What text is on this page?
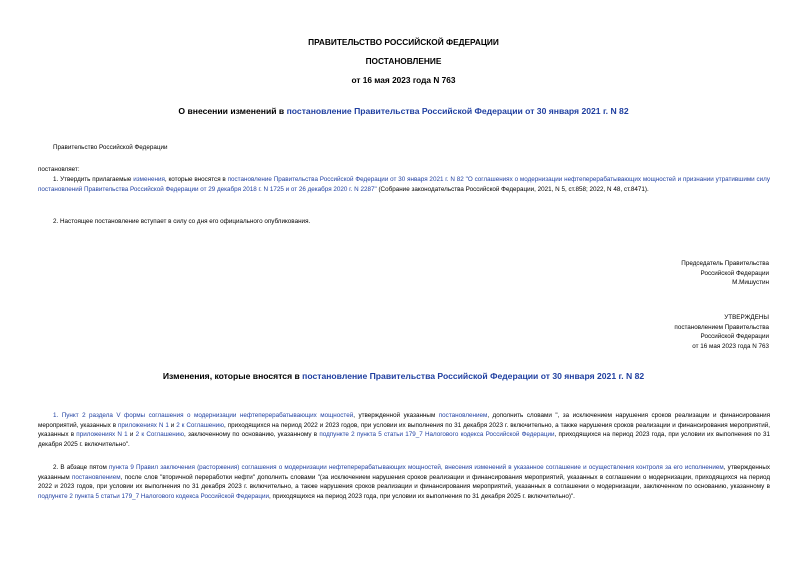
ПРАВИТЕЛЬСТВО РОССИЙСКОЙ ФЕДЕРАЦИИ
ПОСТАНОВЛЕНИЕ
от 16 мая 2023 года N 763
О внесении изменений в постановление Правительства Российской Федерации от 30 января 2021 г. N 82
Правительство Российской Федерации
постановляет:
1. Утвердить прилагаемые изменения, которые вносятся в постановление Правительства Российской Федерации от 30 января 2021 г. N 82 "О соглашениях о модернизации нефтеперерабатывающих мощностей и признании утратившими силу постановлений Правительства Российской Федерации от 29 декабря 2018 г. N 1725 и от 26 декабря 2020 г. N 2287" (Собрание законодательства Российской Федерации, 2021, N 5, ст.858; 2022, N 48, ст.8471).
2. Настоящее постановление вступает в силу со дня его официального опубликования.
Председатель Правительства
Российской Федерации
М.Мишустин
УТВЕРЖДЕНЫ
постановлением Правительства
Российской Федерации
от 16 мая 2023 года N 763
Изменения, которые вносятся в постановление Правительства Российской Федерации от 30 января 2021 г. N 82
1. Пункт 2 раздела V формы соглашения о модернизации нефтеперерабатывающих мощностей, утвержденной указанным постановлением, дополнить словами ", за исключением нарушения сроков реализации и финансирования мероприятий, указанных в приложениях N 1 и 2 к Соглашению, приходящихся на период 2022 и 2023 годов, при условии их выполнения по 31 декабря 2023 г. включительно, а также нарушения сроков реализации и финансирования мероприятий, указанных в приложениях N 1 и 2 к Соглашению, заключенному по основанию, указанному в подпункте 2 пункта 5 статьи 179_7 Налогового кодекса Российской Федерации, приходящихся на период 2023 года, при условии их выполнения по 31 декабря 2025 г. включительно".
2. В абзаце пятом пункта 9 Правил заключения (расторжения) соглашения о модернизации нефтеперерабатывающих мощностей, внесения изменений в указанное соглашение и осуществления контроля за его исполнением, утвержденных указанным постановлением, после слов "вторичной переработки нефти" дополнить словами "(за исключением нарушения сроков реализации и финансирования мероприятий, указанных в соглашении о модернизации, приходящихся на период 2022 и 2023 годов, при условии их выполнения по 31 декабря 2023 г. включительно, а также нарушения сроков реализации и финансирования мероприятий, указанных в соглашении о модернизации, заключенном по основанию, указанному в подпункте 2 пункта 5 статьи 179_7 Налогового кодекса Российской Федерации, приходящихся на период 2023 года, при условии их выполнения по 31 декабря 2025 г. включительно)".
